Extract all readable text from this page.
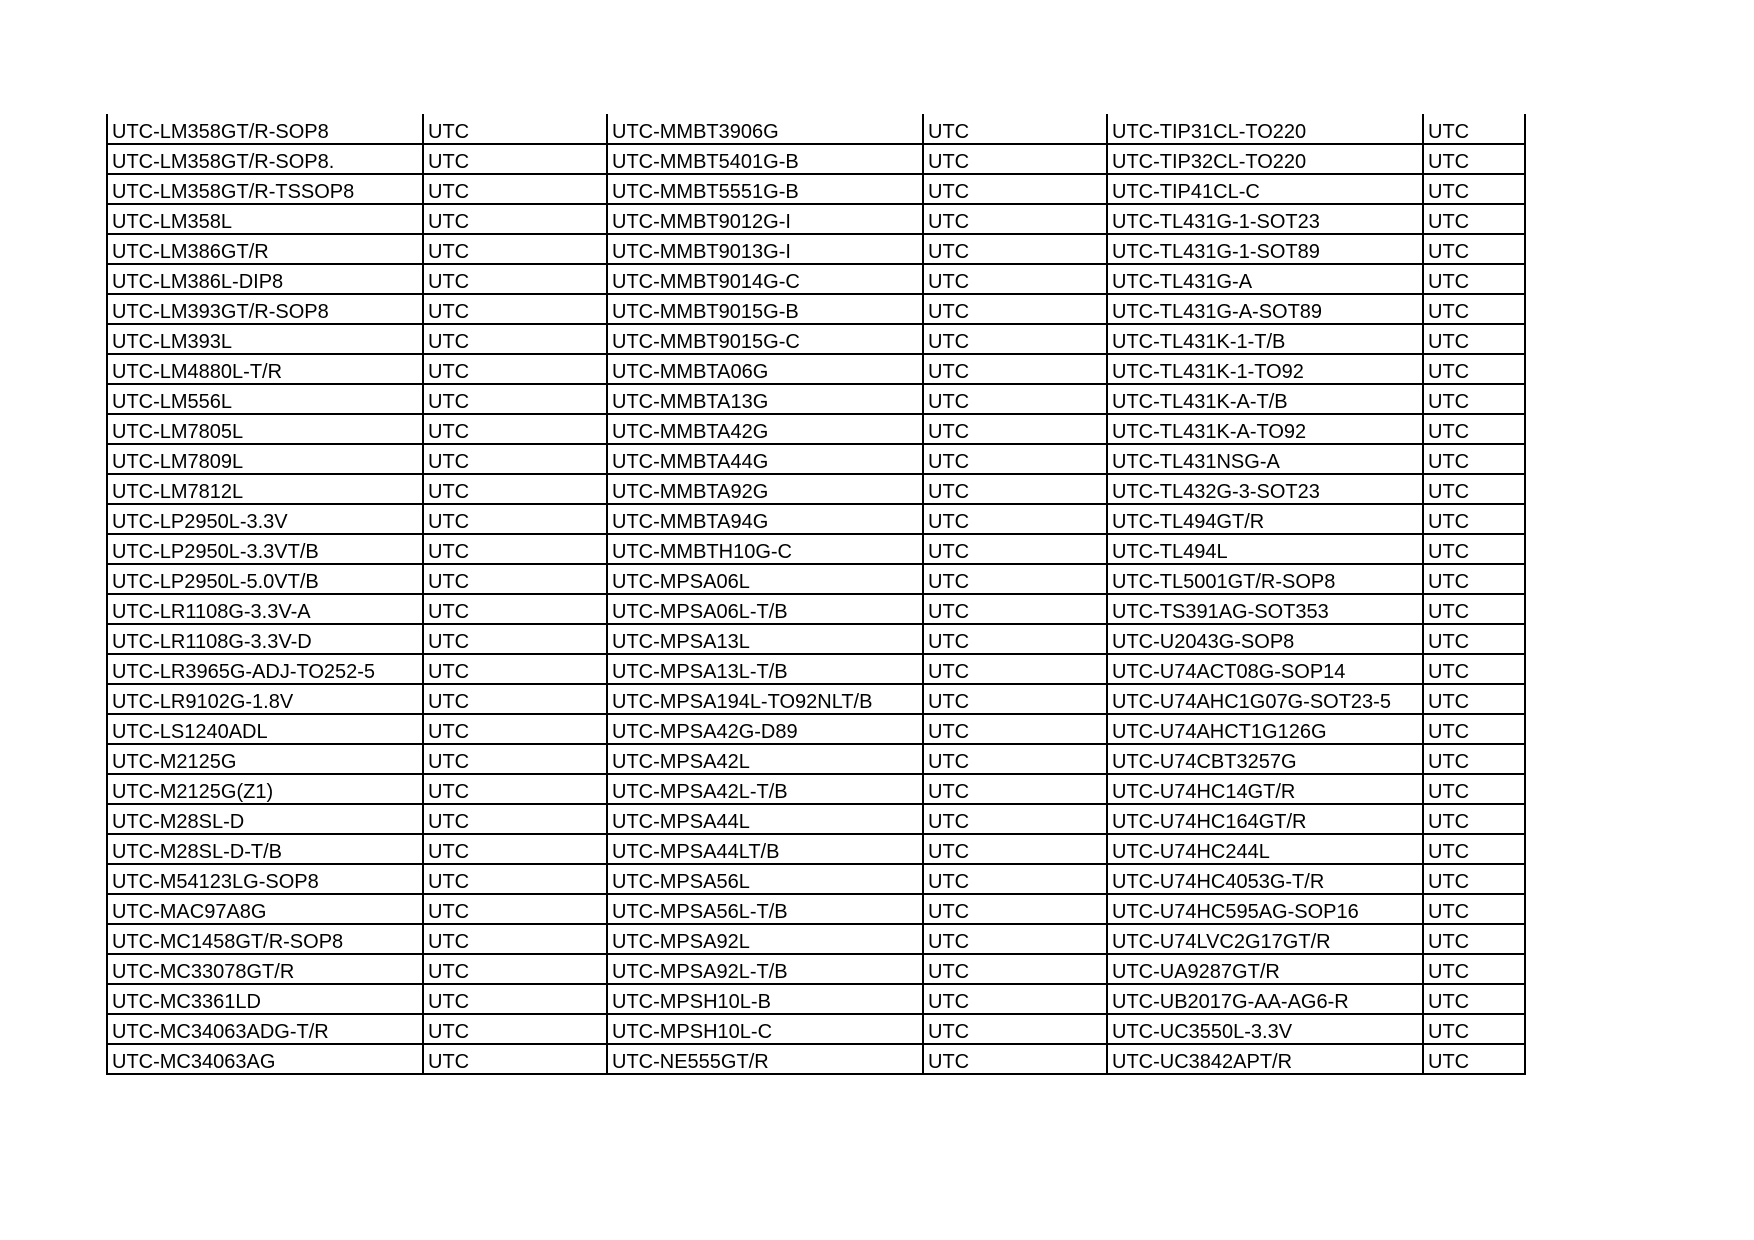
UTC-LM358GT/R-SOP8	UTC	UTC-MMBT3906G	UTC	UTC-TIP31CL-TO220	UTC
UTC-LM358GT/R-SOP8.	UTC	UTC-MMBT5401G-B	UTC	UTC-TIP32CL-TO220	UTC
UTC-LM358GT/R-TSSOP8	UTC	UTC-MMBT5551G-B	UTC	UTC-TIP41CL-C	UTC
UTC-LM358L	UTC	UTC-MMBT9012G-I	UTC	UTC-TL431G-1-SOT23	UTC
UTC-LM386GT/R	UTC	UTC-MMBT9013G-I	UTC	UTC-TL431G-1-SOT89	UTC
UTC-LM386L-DIP8	UTC	UTC-MMBT9014G-C	UTC	UTC-TL431G-A	UTC
UTC-LM393GT/R-SOP8	UTC	UTC-MMBT9015G-B	UTC	UTC-TL431G-A-SOT89	UTC
UTC-LM393L	UTC	UTC-MMBT9015G-C	UTC	UTC-TL431K-1-T/B	UTC
UTC-LM4880L-T/R	UTC	UTC-MMBTA06G	UTC	UTC-TL431K-1-TO92	UTC
UTC-LM556L	UTC	UTC-MMBTA13G	UTC	UTC-TL431K-A-T/B	UTC
UTC-LM7805L	UTC	UTC-MMBTA42G	UTC	UTC-TL431K-A-TO92	UTC
UTC-LM7809L	UTC	UTC-MMBTA44G	UTC	UTC-TL431NSG-A	UTC
UTC-LM7812L	UTC	UTC-MMBTA92G	UTC	UTC-TL432G-3-SOT23	UTC
UTC-LP2950L-3.3V	UTC	UTC-MMBTA94G	UTC	UTC-TL494GT/R	UTC
UTC-LP2950L-3.3VT/B	UTC	UTC-MMBTH10G-C	UTC	UTC-TL494L	UTC
UTC-LP2950L-5.0VT/B	UTC	UTC-MPSA06L	UTC	UTC-TL5001GT/R-SOP8	UTC
UTC-LR1108G-3.3V-A	UTC	UTC-MPSA06L-T/B	UTC	UTC-TS391AG-SOT353	UTC
UTC-LR1108G-3.3V-D	UTC	UTC-MPSA13L	UTC	UTC-U2043G-SOP8	UTC
UTC-LR3965G-ADJ-TO252-5	UTC	UTC-MPSA13L-T/B	UTC	UTC-U74ACT08G-SOP14	UTC
UTC-LR9102G-1.8V	UTC	UTC-MPSA194L-TO92NLT/B	UTC	UTC-U74AHC1G07G-SOT23-5	UTC
UTC-LS1240ADL	UTC	UTC-MPSA42G-D89	UTC	UTC-U74AHCT1G126G	UTC
UTC-M2125G	UTC	UTC-MPSA42L	UTC	UTC-U74CBT3257G	UTC
UTC-M2125G(Z1)	UTC	UTC-MPSA42L-T/B	UTC	UTC-U74HC14GT/R	UTC
UTC-M28SL-D	UTC	UTC-MPSA44L	UTC	UTC-U74HC164GT/R	UTC
UTC-M28SL-D-T/B	UTC	UTC-MPSA44LT/B	UTC	UTC-U74HC244L	UTC
UTC-M54123LG-SOP8	UTC	UTC-MPSA56L	UTC	UTC-U74HC4053G-T/R	UTC
UTC-MAC97A8G	UTC	UTC-MPSA56L-T/B	UTC	UTC-U74HC595AG-SOP16	UTC
UTC-MC1458GT/R-SOP8	UTC	UTC-MPSA92L	UTC	UTC-U74LVC2G17GT/R	UTC
UTC-MC33078GT/R	UTC	UTC-MPSA92L-T/B	UTC	UTC-UA9287GT/R	UTC
UTC-MC3361LD	UTC	UTC-MPSH10L-B	UTC	UTC-UB2017G-AA-AG6-R	UTC
UTC-MC34063ADG-T/R	UTC	UTC-MPSH10L-C	UTC	UTC-UC3550L-3.3V	UTC
UTC-MC34063AG	UTC	UTC-NE555GT/R	UTC	UTC-UC3842APT/R	UTC
